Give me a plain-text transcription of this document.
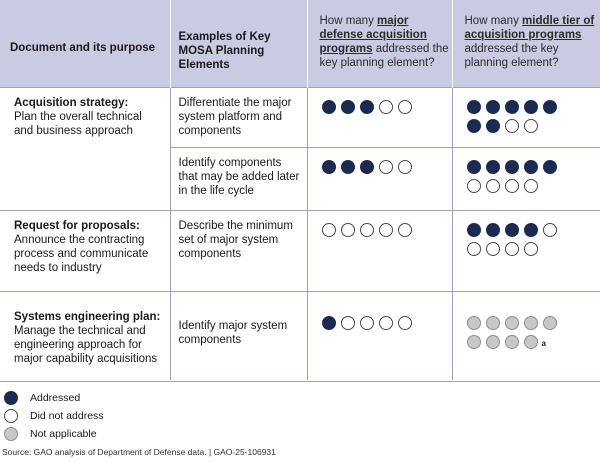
Document and its purpose	Examples of Key MOSA Planning Elements	How many major defense acquisition programs addressed the key planning element?	How many middle tier of acquisition programs addressed the key planning element?

Acquisition strategy:
Plan the overall technical and business approach	Differentiate the major system platform and components		

	Identify components that may be added later in the life cycle		

Request for proposals:
Announce the contracting process and communicate needs to industry	Describe the minimum set of major system components		

Systems engineering plan:
Manage the technical and engineering approach for major capability acquisitions	Identify major system components		a
Addressed
Did not address
Not applicable
Source: GAO analysis of Department of Defense data. | GAO-25-106931
